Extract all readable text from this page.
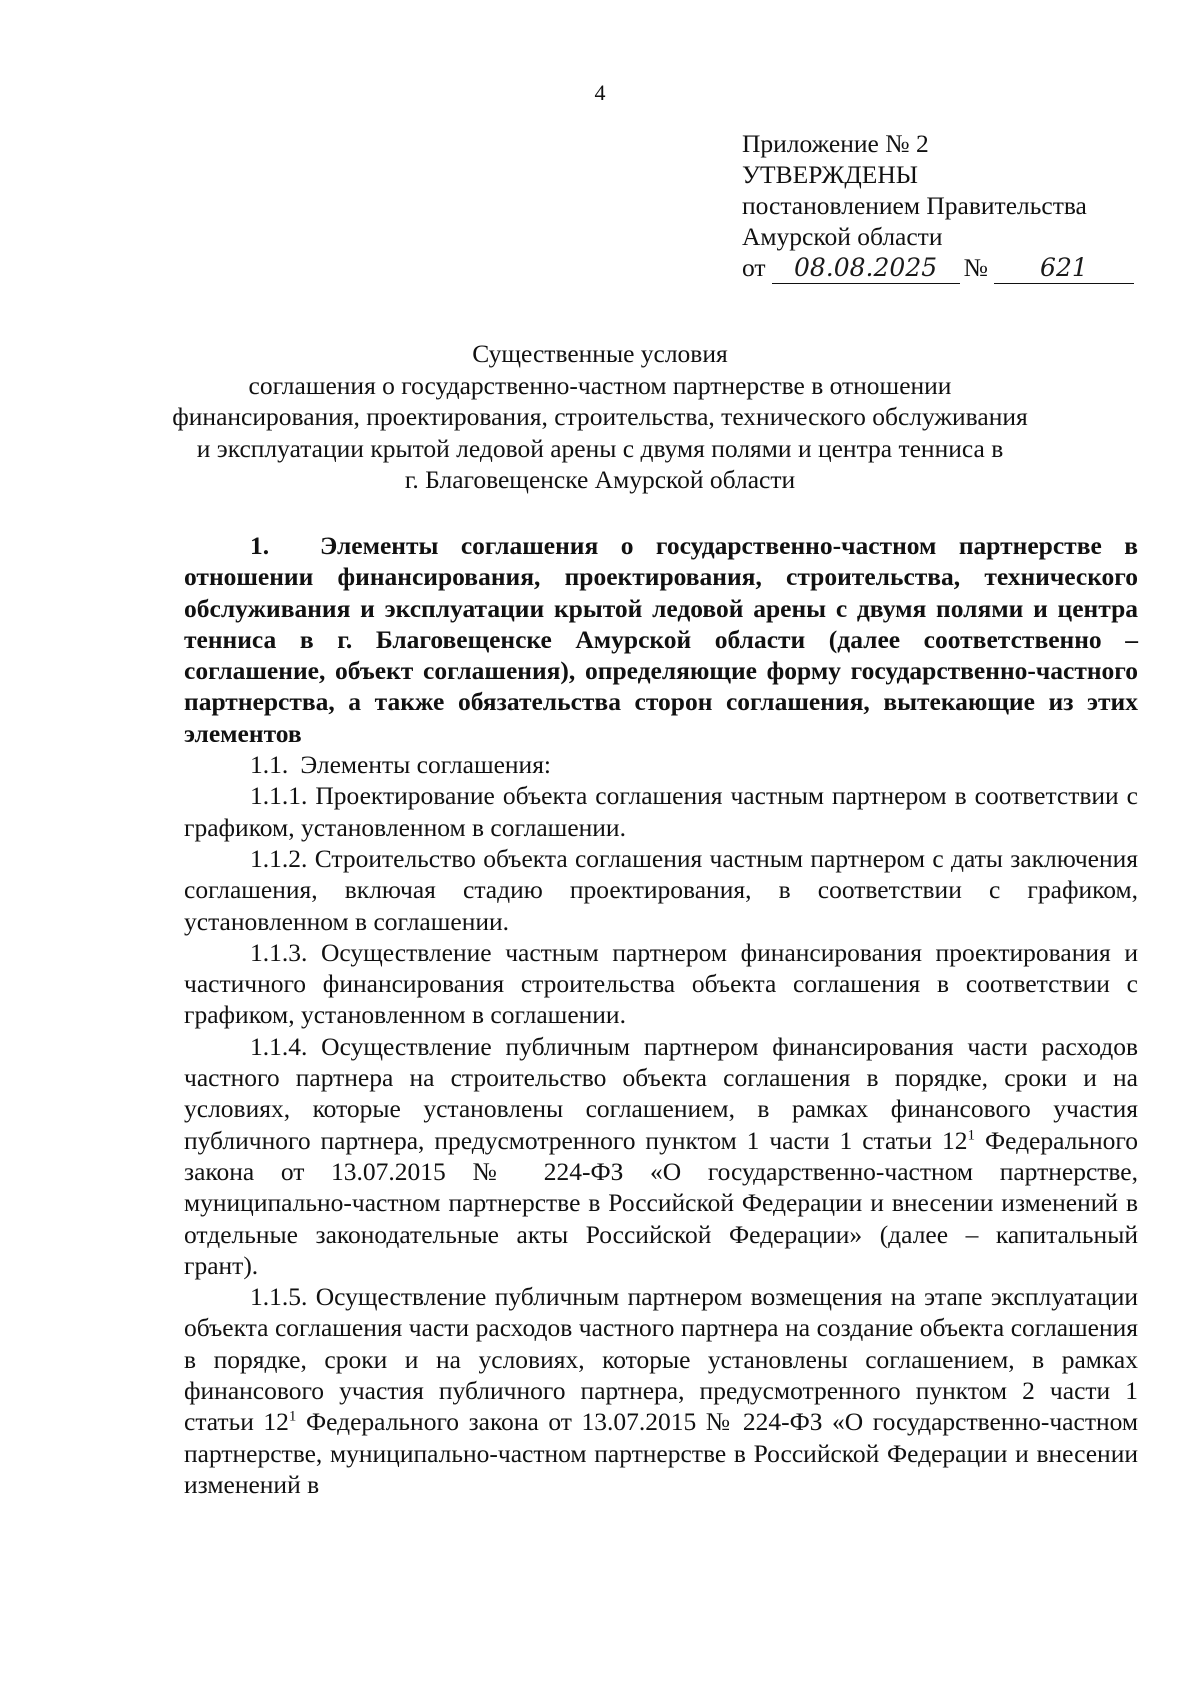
4
Приложение № 2
УТВЕРЖДЕНЫ
постановлением Правительства
Амурской области
от 08.08.2025 № 621
Существенные условия
соглашения о государственно-частном партнерстве в отношении
финансирования, проектирования, строительства, технического обслуживания
и эксплуатации крытой ледовой арены с двумя полями и центра тенниса в
г. Благовещенске Амурской области

1. Элементы соглашения о государственно-частном партнерстве в отношении финансирования, проектирования, строительства, технического обслуживания и эксплуатации крытой ледовой арены с двумя полями и центра тенниса в г. Благовещенске Амурской области (далее соответственно – соглашение, объект соглашения), определяющие форму государственно-частного партнерства, а также обязательства сторон соглашения, вытекающие из этих элементов

1.1. Элементы соглашения:

1.1.1. Проектирование объекта соглашения частным партнером в соответствии с графиком, установленном в соглашении.

1.1.2. Строительство объекта соглашения частным партнером с даты заключения соглашения, включая стадию проектирования, в соответствии с графиком, установленном в соглашении.

1.1.3. Осуществление частным партнером финансирования проектирования и частичного финансирования строительства объекта соглашения в соответствии с графиком, установленном в соглашении.

1.1.4. Осуществление публичным партнером финансирования части расходов частного партнера на строительство объекта соглашения в порядке, сроки и на условиях, которые установлены соглашением, в рамках финансового участия публичного партнера, предусмотренного пунктом 1 части 1 статьи $12^1$ Федерального закона от 13.07.2015 № 224-ФЗ «О государственно-частном партнерстве, муниципально-частном партнерстве в Российской Федерации и внесении изменений в отдельные законодательные акты Российской Федерации» (далее – капитальный грант).

1.1.5. Осуществление публичным партнером возмещения на этапе эксплуатации объекта соглашения части расходов частного партнера на создание объекта соглашения в порядке, сроки и на условиях, которые установлены соглашением, в рамках финансового участия публичного партнера, предусмотренного пунктом 2 части 1 статьи $12^1$ Федерального закона от 13.07.2015 № 224-ФЗ «О государственно-частном партнерстве, муниципально-частном партнерстве в Российской Федерации и внесении изменений в
